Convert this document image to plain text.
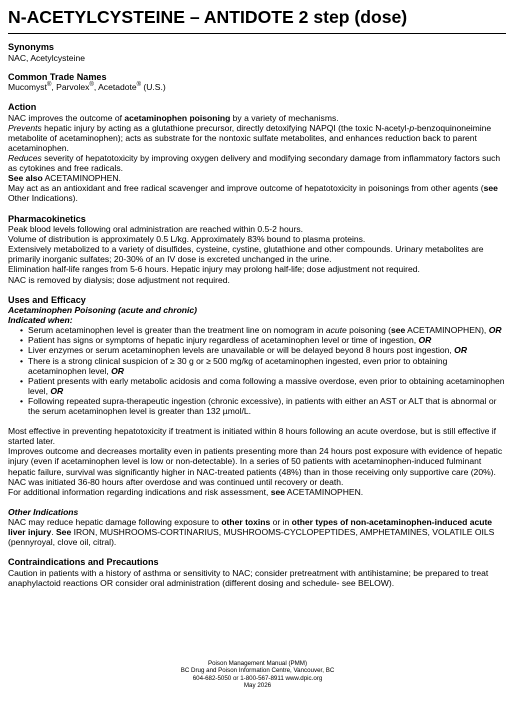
N-ACETYLCYSTEINE – ANTIDOTE 2 step (dose)

Synonyms

NAC, Acetylcysteine

Common Trade Names

Mucomyst®, Parvolex®, Acetadote® (U.S.)

Action

NAC improves the outcome of acetaminophen poisoning by a variety of mechanisms.

Prevents hepatic injury by acting as a glutathione precursor, directly detoxifying NAPQI (the toxic N-acetyl-p-benzoquinoneimine metabolite of acetaminophen); acts as substrate for the nontoxic sulfate metabolites, and enhances reduction back to parent acetaminophen.

Reduces severity of hepatotoxicity by improving oxygen delivery and modifying secondary damage from inflammatory factors such as cytokines and free radicals.

See also ACETAMINOPHEN.

May act as an antioxidant and free radical scavenger and improve outcome of hepatotoxicity in poisonings from other agents (see Other Indications).

Pharmacokinetics

Peak blood levels following oral administration are reached within 0.5-2 hours.

Volume of distribution is approximately 0.5 L/kg. Approximately 83% bound to plasma proteins.

Extensively metabolized to a variety of disulfides, cysteine, cystine, glutathione and other compounds. Urinary metabolites are primarily inorganic sulfates; 20-30% of an IV dose is excreted unchanged in the urine.

Elimination half-life ranges from 5-6 hours. Hepatic injury may prolong half-life; dose adjustment not required.

NAC is removed by dialysis; dose adjustment not required.

Uses and Efficacy

Acetaminophen Poisoning (acute and chronic)

Indicated when:

• Serum acetaminophen level is greater than the treatment line on nomogram in acute poisoning (see ACETAMINOPHEN), OR
• Patient has signs or symptoms of hepatic injury regardless of acetaminophen level or time of ingestion, OR
• Liver enzymes or serum acetaminophen levels are unavailable or will be delayed beyond 8 hours post ingestion, OR
• There is a strong clinical suspicion of ≥ 30 g or ≥ 500 mg/kg of acetaminophen ingested, even prior to obtaining acetaminophen level, OR
• Patient presents with early metabolic acidosis and coma following a massive overdose, even prior to obtaining acetaminophen level, OR
• Following repeated supra-therapeutic ingestion (chronic excessive), in patients with either an AST or ALT that is abnormal or the serum acetaminophen level is greater than 132 µmol/L.

Most effective in preventing hepatotoxicity if treatment is initiated within 8 hours following an acute overdose, but is still effective if started later.

Improves outcome and decreases mortality even in patients presenting more than 24 hours post exposure with evidence of hepatic injury (even if acetaminophen level is low or non-detectable). In a series of 50 patients with acetaminophen-induced fulminant hepatic failure, survival was significantly higher in NAC-treated patients (48%) than in those receiving only supportive care (20%). NAC was initiated 36-80 hours after overdose and was continued until recovery or death.

For additional information regarding indications and risk assessment, see ACETAMINOPHEN.

Other Indications

NAC may reduce hepatic damage following exposure to other toxins or in other types of non-acetaminophen-induced acute liver injury. See IRON, MUSHROOMS-CORTINARIUS, MUSHROOMS-CYCLOPEPTIDES, AMPHETAMINES, VOLATILE OILS (pennyroyal, clove oil, citral).

Contraindications and Precautions

Caution in patients with a history of asthma or sensitivity to NAC; consider pretreatment with antihistamine; be prepared to treat anaphylactoid reactions OR consider oral administration (different dosing and schedule- see BELOW).

Poison Management Manual (PMM)
BC Drug and Poison Information Centre, Vancouver, BC
604-682-5050 or 1-800-567-8911 www.dpic.org
May 2026
